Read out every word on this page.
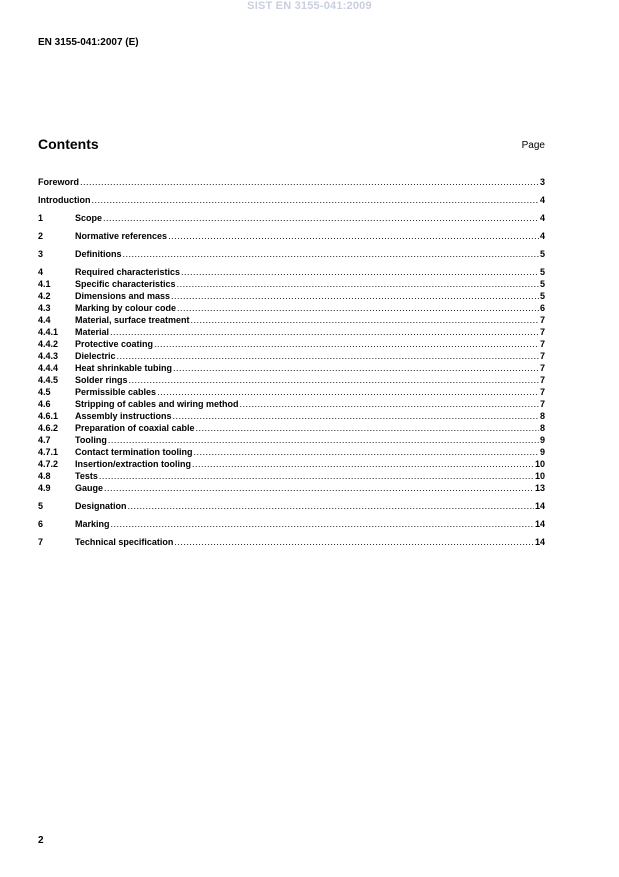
SIST EN 3155-041:2009
EN 3155-041:2007 (E)
Contents	Page
Foreword .....	3
Introduction .....	4
1	Scope .....	4
2	Normative references .....	4
3	Definitions .....	5
4	Required characteristics .....	5
4.1	Specific characteristics .....	5
4.2	Dimensions and mass .....	5
4.3	Marking by colour code .....	6
4.4	Material, surface treatment .....	7
4.4.1	Material .....	7
4.4.2	Protective coating .....	7
4.4.3	Dielectric .....	7
4.4.4	Heat shrinkable tubing .....	7
4.4.5	Solder rings .....	7
4.5	Permissible cables .....	7
4.6	Stripping of cables and wiring method .....	7
4.6.1	Assembly instructions .....	8
4.6.2	Preparation of coaxial cable .....	8
4.7	Tooling .....	9
4.7.1	Contact termination tooling .....	9
4.7.2	Insertion/extraction tooling .....	10
4.8	Tests .....	10
4.9	Gauge .....	13
5	Designation .....	14
6	Marking .....	14
7	Technical specification .....	14
2
